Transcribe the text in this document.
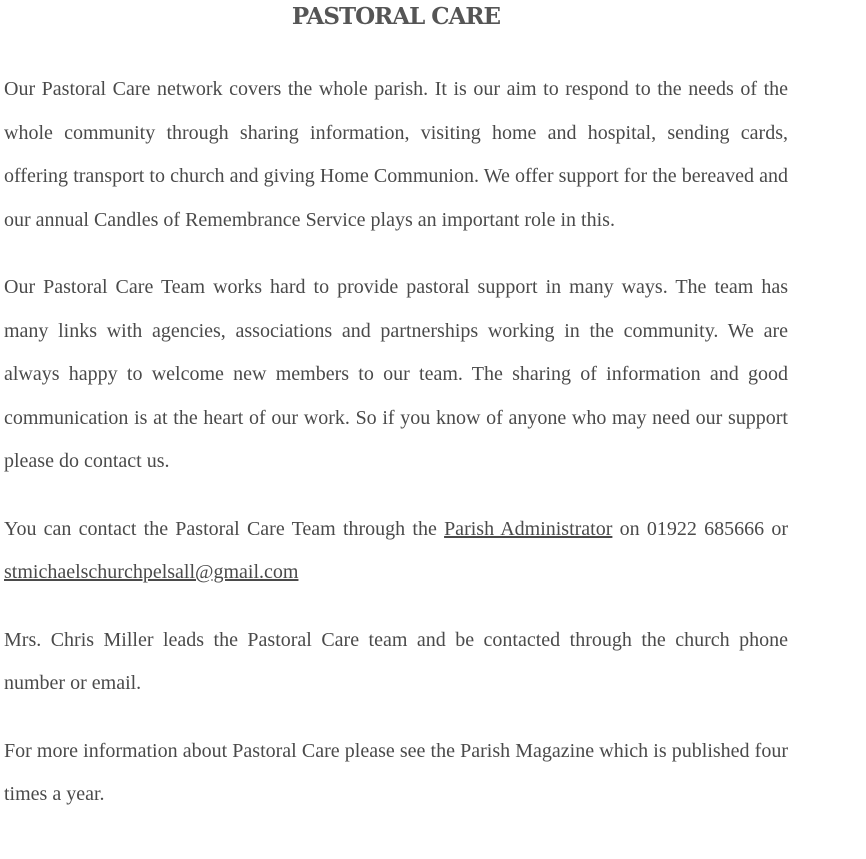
PASTORAL CARE

Our Pastoral Care network covers the whole parish. It is our aim to respond to the needs of the whole community through sharing information, visiting home and hospital, sending cards, offering transport to church and giving Home Communion. We offer support for the bereaved and our annual Candles of Remembrance Service plays an important role in this.

Our Pastoral Care Team works hard to provide pastoral support in many ways. The team has many links with agencies, associations and partnerships working in the community. We are always happy to welcome new members to our team. The sharing of information and good communication is at the heart of our work. So if you know of anyone who may need our support please do contact us.

You can contact the Pastoral Care Team through the Parish Administrator on 01922 685666 or stmichaelschurchpelsall@gmail.com

Mrs. Chris Miller leads the Pastoral Care team and be contacted through the church phone number or email.

For more information about Pastoral Care please see the Parish Magazine which is published four times a year.
